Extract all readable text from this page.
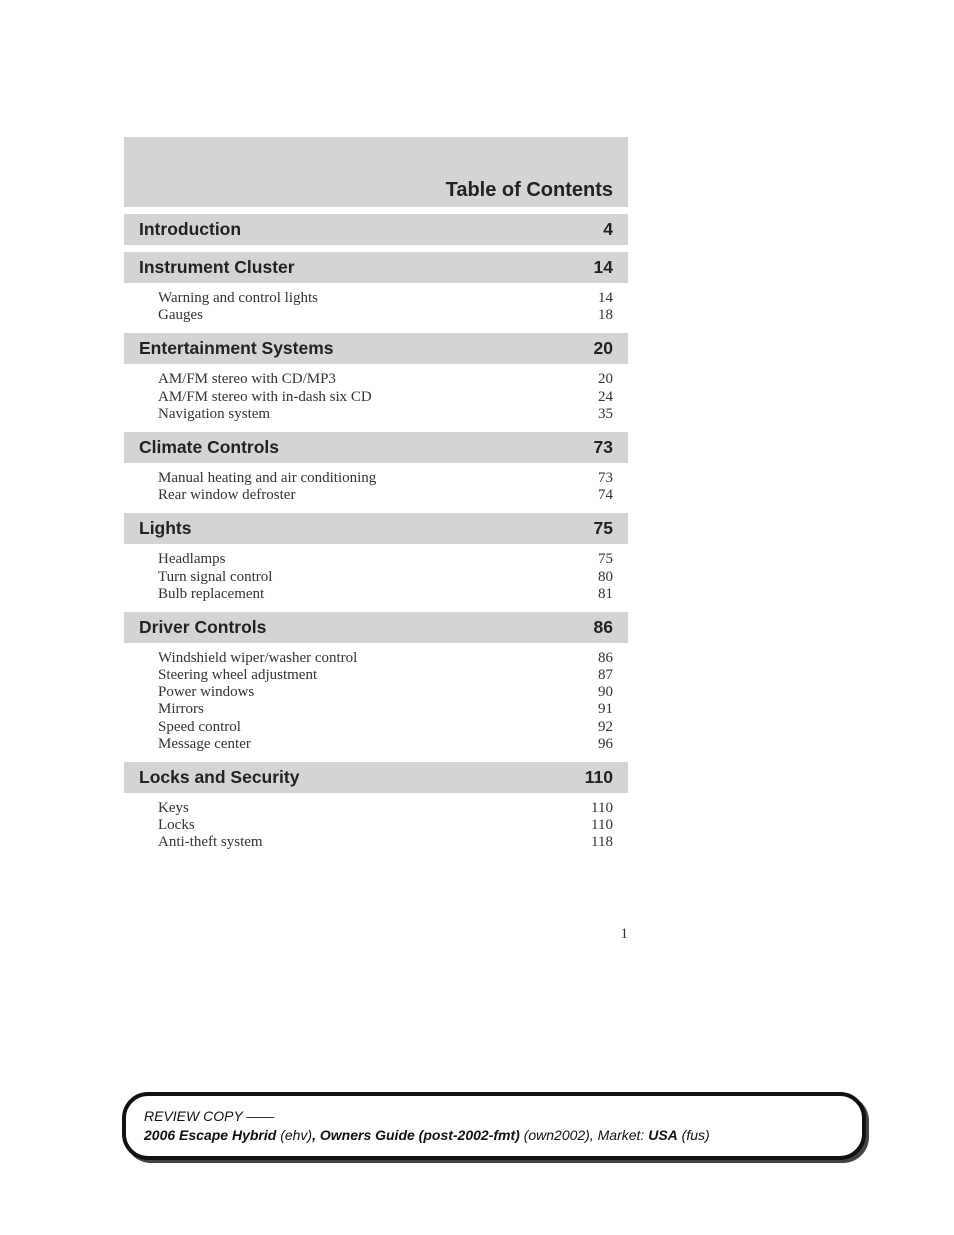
Table of Contents
Introduction	4
Instrument Cluster	14
Warning and control lights	14
Gauges	18
Entertainment Systems	20
AM/FM stereo with CD/MP3	20
AM/FM stereo with in-dash six CD	24
Navigation system	35
Climate Controls	73
Manual heating and air conditioning	73
Rear window defroster	74
Lights	75
Headlamps	75
Turn signal control	80
Bulb replacement	81
Driver Controls	86
Windshield wiper/washer control	86
Steering wheel adjustment	87
Power windows	90
Mirrors	91
Speed control	92
Message center	96
Locks and Security	110
Keys	110
Locks	110
Anti-theft system	118
1
REVIEW COPY ——
2006 Escape Hybrid (ehv), Owners Guide (post-2002-fmt) (own2002), Market: USA (fus)
